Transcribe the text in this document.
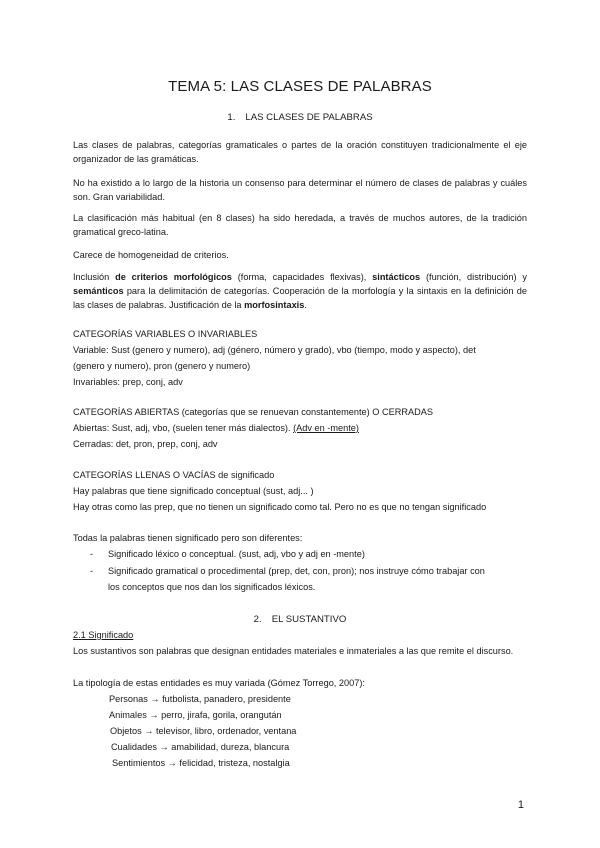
TEMA 5: LAS CLASES DE PALABRAS
1. LAS CLASES DE PALABRAS
Las clases de palabras, categorías gramaticales o partes de la oración constituyen tradicionalmente el eje organizador de las gramáticas.
No ha existido a lo largo de la historia un consenso para determinar el número de clases de palabras y cuáles son. Gran variabilidad.
La clasificación más habitual (en 8 clases) ha sido heredada, a través de muchos autores, de la tradición gramatical greco-latina.
Carece de homogeneidad de criterios.
Inclusión de criterios morfológicos (forma, capacidades flexivas), sintácticos (función, distribución) y semánticos para la delimitación de categorías. Cooperación de la morfología y la sintaxis en la definición de las clases de palabras. Justificación de la morfosintaxis.
CATEGORÍAS VARIABLES O INVARIABLES
Variable: Sust (genero y numero), adj (género, número y grado), vbo (tiempo, modo y aspecto), det
(genero y numero), pron (genero y numero)
Invariables: prep, conj, adv
CATEGORÍAS ABIERTAS (categorías que se renuevan constantemente) O CERRADAS
Abiertas: Sust, adj, vbo, (suelen tener más dialectos). (Adv en -mente)
Cerradas: det, pron, prep, conj, adv
CATEGORÍAS LLENAS O VACÍAS de significado
Hay palabras que tiene significado conceptual (sust, adj... )
Hay otras como las prep, que no tienen un significado como tal. Pero no es que no tengan significado
Todas la palabras tienen significado pero son diferentes:
- Significado léxico o conceptual. (sust, adj, vbo y adj en -mente)
- Significado gramatical o procedimental (prep, det, con, pron); nos instruye cómo trabajar con
los conceptos que nos dan los significados léxicos.
2. EL SUSTANTIVO
2.1 Significado
Los sustantivos son palabras que designan entidades materiales e inmateriales a las que remite el discurso.
La tipología de estas entidades es muy variada (Gómez Torrego, 2007):
Personas → futbolista, panadero, presidente
Animales → perro, jirafa, gorila, orangután
Objetos → televisor, libro, ordenador, ventana
Cualidades → amabilidad, dureza, blancura
Sentimientos → felicidad, tristeza, nostalgia
1
